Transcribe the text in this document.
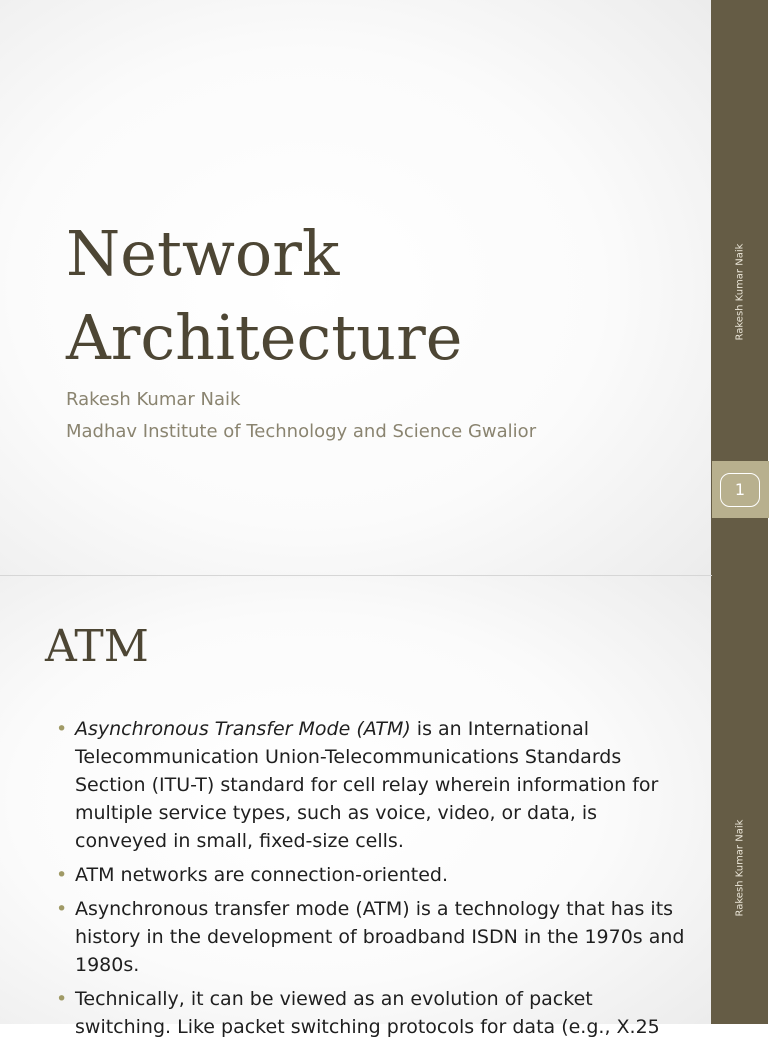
Rakesh Kumar Naik
1
Network
Architecture

Rakesh Kumar Naik

Madhav Institute of Technology and Science Gwalior

Rakesh Kumar Naik
ATM
• Asynchronous Transfer Mode (ATM) is an International Telecommunication Union-Telecommunications Standards Section (ITU-T) standard for cell relay wherein information for multiple service types, such as voice, video, or data, is conveyed in small, fixed-size cells.
• ATM networks are connection-oriented.
• Asynchronous transfer mode (ATM) is a technology that has its history in the development of broadband ISDN in the 1970s and 1980s.
• Technically, it can be viewed as an evolution of packet switching. Like packet switching protocols for data (e.g., X.25
